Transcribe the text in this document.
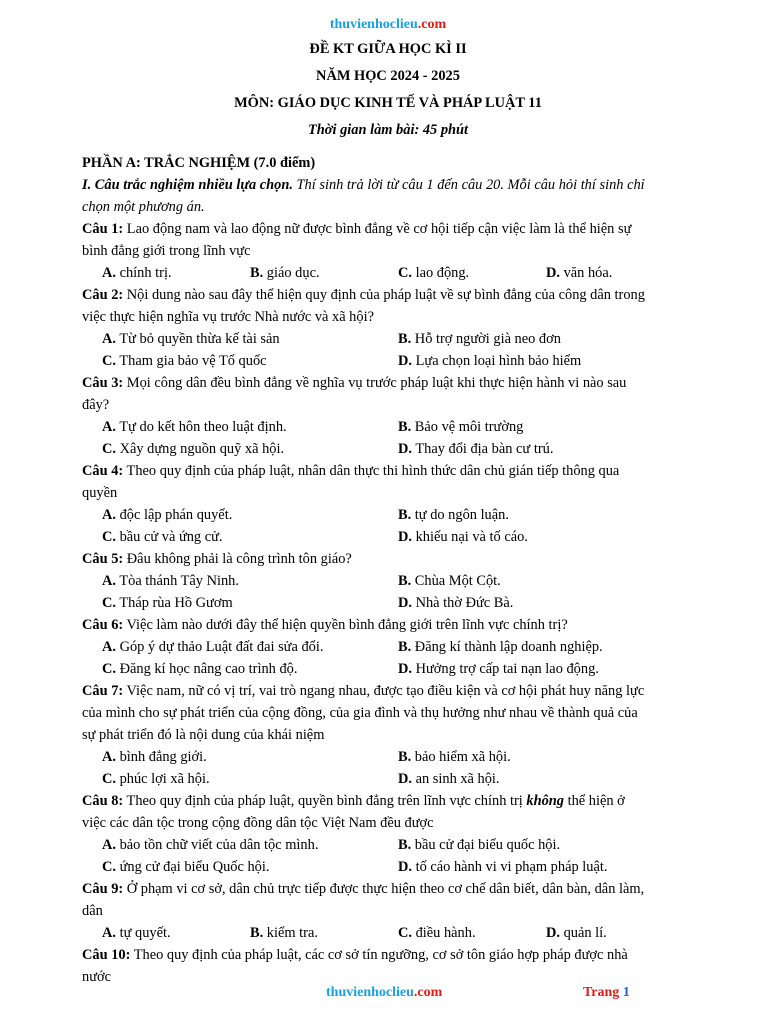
thuvienhoclieu.com
ĐỀ KT GIỮA HỌC KÌ II
NĂM HỌC 2024 - 2025
MÔN: GIÁO DỤC KINH TẾ VÀ PHÁP LUẬT 11
Thời gian làm bài: 45 phút
PHẦN A: TRẮC NGHIỆM (7.0 điểm)
I. Câu trắc nghiệm nhiều lựa chọn. Thí sinh trả lời từ câu 1 đến câu 20. Mỗi câu hỏi thí sinh chỉ
chọn một phương án.
Câu 1: Lao động nam và lao động nữ được bình đẳng về cơ hội tiếp cận việc làm là thể hiện sự
bình đẳng giới trong lĩnh vực
A. chính trị.	B. giáo dục.	C. lao động.	D. văn hóa.
Câu 2: Nội dung nào sau đây thể hiện quy định của pháp luật về sự bình đẳng của công dân trong
việc thực hiện nghĩa vụ trước Nhà nước và xã hội?
A. Từ bỏ quyền thừa kế tài sản	B. Hỗ trợ người già neo đơn
C. Tham gia bảo vệ Tổ quốc	D. Lựa chọn loại hình bảo hiểm
Câu 3: Mọi công dân đều bình đẳng về nghĩa vụ trước pháp luật khi thực hiện hành vi nào sau
đây?
A. Tự do kết hôn theo luật định.	B. Bảo vệ môi trường
C. Xây dựng nguồn quỹ xã hội.	D. Thay đổi địa bàn cư trú.
Câu 4: Theo quy định của pháp luật, nhân dân thực thi hình thức dân chủ gián tiếp thông qua
quyền
A. độc lập phán quyết.	B. tự do ngôn luận.
C. bầu cử và ứng cử.	D. khiếu nại và tố cáo.
Câu 5: Đâu không phải là công trình tôn giáo?
A. Tòa thánh Tây Ninh.	B. Chùa Một Cột.
C. Tháp rùa Hồ Gươm	D. Nhà thờ Đức Bà.
Câu 6: Việc làm nào dưới đây thể hiện quyền bình đẳng giới trên lĩnh vực chính trị?
A. Góp ý dự thảo Luật đất đai sửa đổi.	B. Đăng kí thành lập doanh nghiệp.
C. Đăng kí học nâng cao trình độ.	D. Hưởng trợ cấp tai nạn lao động.
Câu 7: Việc nam, nữ có vị trí, vai trò ngang nhau, được tạo điều kiện và cơ hội phát huy năng lực
của mình cho sự phát triển của cộng đồng, của gia đình và thụ hưởng như nhau về thành quả của
sự phát triển đó là nội dung của khái niệm
A. bình đẳng giới.	B. bảo hiểm xã hội.
C. phúc lợi xã hội.	D. an sinh xã hội.
Câu 8: Theo quy định của pháp luật, quyền bình đẳng trên lĩnh vực chính trị không thể hiện ở
việc các dân tộc trong cộng đồng dân tộc Việt Nam đều được
A. bảo tồn chữ viết của dân tộc mình.	B. bầu cử đại biểu quốc hội.
C. ứng cử đại biểu Quốc hội.	D. tố cáo hành vi vi phạm pháp luật.
Câu 9: Ở phạm vi cơ sở, dân chủ trực tiếp được thực hiện theo cơ chế dân biết, dân bàn, dân làm,
dân
A. tự quyết.	B. kiểm tra.	C. điều hành.	D. quản lí.
Câu 10: Theo quy định của pháp luật, các cơ sở tín ngưỡng, cơ sở tôn giáo hợp pháp được nhà
nước
thuvienhoclieu.com	Trang 1
